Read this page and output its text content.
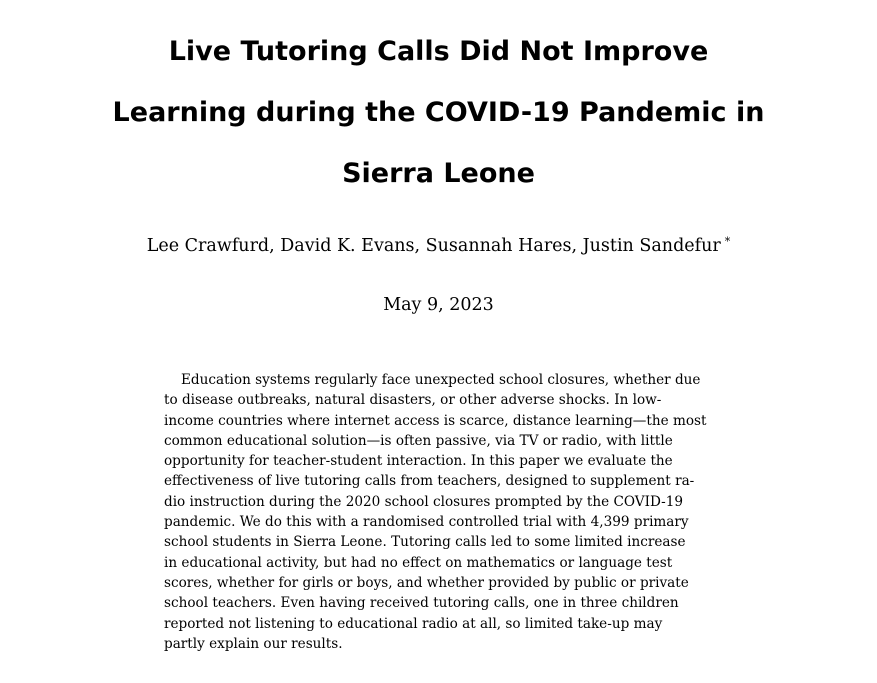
Live Tutoring Calls Did Not Improve
Learning during the COVID-19 Pandemic in
Sierra Leone
Lee Crawfurd, David K. Evans, Susannah Hares, Justin Sandefur *
May 9, 2023
Education systems regularly face unexpected school closures, whether due
to disease outbreaks, natural disasters, or other adverse shocks. In low-
income countries where internet access is scarce, distance learning—the most
common educational solution—is often passive, via TV or radio, with little
opportunity for teacher-student interaction. In this paper we evaluate the
effectiveness of live tutoring calls from teachers, designed to supplement ra-
dio instruction during the 2020 school closures prompted by the COVID-19
pandemic. We do this with a randomised controlled trial with 4,399 primary
school students in Sierra Leone. Tutoring calls led to some limited increase
in educational activity, but had no effect on mathematics or language test
scores, whether for girls or boys, and whether provided by public or private
school teachers. Even having received tutoring calls, one in three children
reported not listening to educational radio at all, so limited take-up may
partly explain our results.
